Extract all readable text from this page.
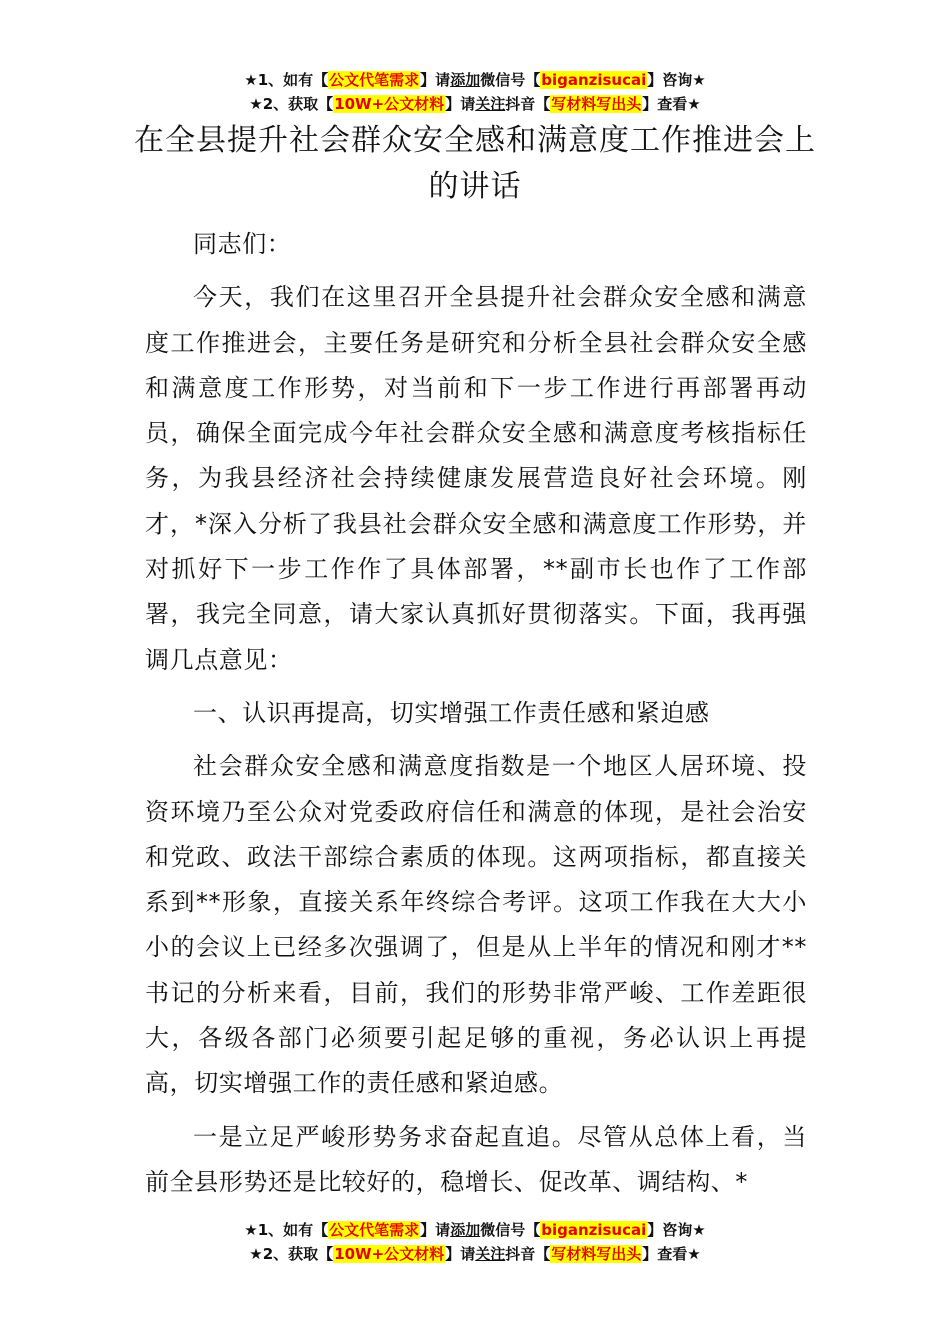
★1、如有【公文代笔需求】请添加微信号【biganzisucai】咨询★
★2、获取【10W+公文材料】请关注抖音【写材料写出头】查看★
在全县提升社会群众安全感和满意度工作推进会上的讲话

同志们：

今天，我们在这里召开全县提升社会群众安全感和满意度工作推进会，主要任务是研究和分析全县社会群众安全感和满意度工作形势，对当前和下一步工作进行再部署再动员，确保全面完成今年社会群众安全感和满意度考核指标任务，为我县经济社会持续健康发展营造良好社会环境。刚才，*深入分析了我县社会群众安全感和满意度工作形势，并对抓好下一步工作作了具体部署，**副市长也作了工作部署，我完全同意，请大家认真抓好贯彻落实。下面，我再强调几点意见：

一、认识再提高，切实增强工作责任感和紧迫感

社会群众安全感和满意度指数是一个地区人居环境、投资环境乃至公众对党委政府信任和满意的体现，是社会治安和党政、政法干部综合素质的体现。这两项指标，都直接关系到**形象，直接关系年终综合考评。这项工作我在大大小小的会议上已经多次强调了，但是从上半年的情况和刚才**书记的分析来看，目前，我们的形势非常严峻、工作差距很大，各级各部门必须要引起足够的重视，务必认识上再提高，切实增强工作的责任感和紧迫感。

一是立足严峻形势务求奋起直追。尽管从总体上看，当前全县形势还是比较好的，稳增长、促改革、调结构、*

★1、如有【公文代笔需求】请添加微信号【biganzisucai】咨询★
★2、获取【10W+公文材料】请关注抖音【写材料写出头】查看★
